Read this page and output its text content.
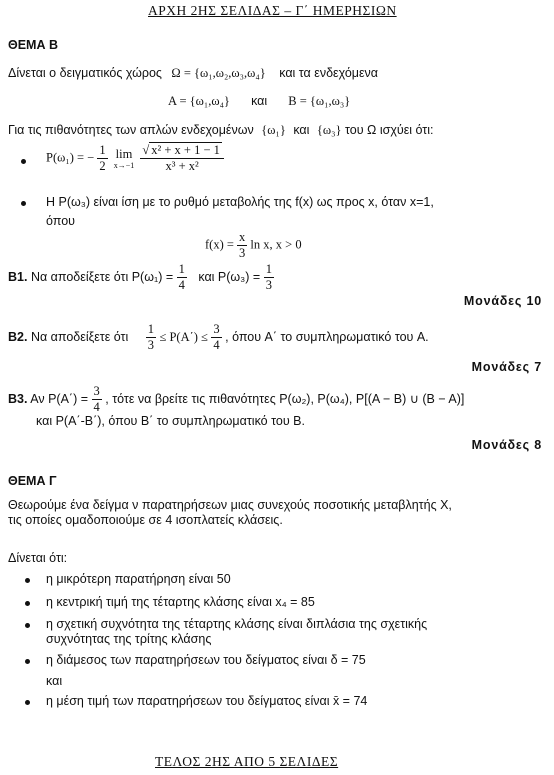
ΑΡΧΗ 2ΗΣ ΣΕΛΙΔΑΣ – Γ΄ ΗΜΕΡΗΣΙΩΝ
ΘΕΜΑ Β
Δίνεται ο δειγματικός χώρος Ω = {ω₁,ω₂,ω₃,ω₄} και τα ενδεχόμενα
A = {ω₁,ω₄} και B = {ω₁,ω₃}
Για τις πιθανότητες των απλών ενδεχομένων {ω₁} και {ω₃} του Ω ισχύει ότι:
P(ω₁) = − $\frac{1}{2}$
lim
x→−1
$\frac{\text{√ x² + x + 1 − 1}}{\text{x³ + x²}}$
Η P(ω₃) είναι ίση με το ρυθμό μεταβολής της f(x) ως προς x, όταν x=1,
όπου
$f(x) = \frac{x}{3}$ ln x, x > 0
Β1. Να αποδείξετε ότι $P(\omega_1) = \frac{1}{4}$ και $P(\omega_3) = \frac{1}{3}$
Μονάδες 10
Β2. Να αποδείξετε ότι $\frac{1}{3} \le P(A΄) \le \frac{3}{4}$ , όπου A΄ το συμπληρωματικό του A.
Μονάδες 7
Β3. Αν $P(A΄) = \frac{3}{4}$ , τότε να βρείτε τις πιθανότητες P(ω₂), P(ω₄), P[(A − B) ∪ (B − A)]
και P(A΄-B΄), όπου B΄ το συμπληρωματικό του B.
Μονάδες 8
ΘΕΜΑ Γ
Θεωρούμε ένα δείγμα ν παρατηρήσεων μιας συνεχούς ποσοτικής μεταβλητής X,
τις οποίες ομαδοποιούμε σε 4 ισοπλατείς κλάσεις.
Δίνεται ότι:
η μικρότερη παρατήρηση είναι 50
η κεντρική τιμή της τέταρτης κλάσης είναι x₄ = 85
η σχετική συχνότητα της τέταρτης κλάσης είναι διπλάσια της σχετικής
συχνότητας της τρίτης κλάσης
η διάμεσος των παρατηρήσεων του δείγματος είναι δ = 75
και
η μέση τιμή των παρατηρήσεων του δείγματος είναι x̄ = 74
ΤΕΛΟΣ 2ΗΣ ΑΠΟ 5 ΣΕΛΙΔΕΣ
